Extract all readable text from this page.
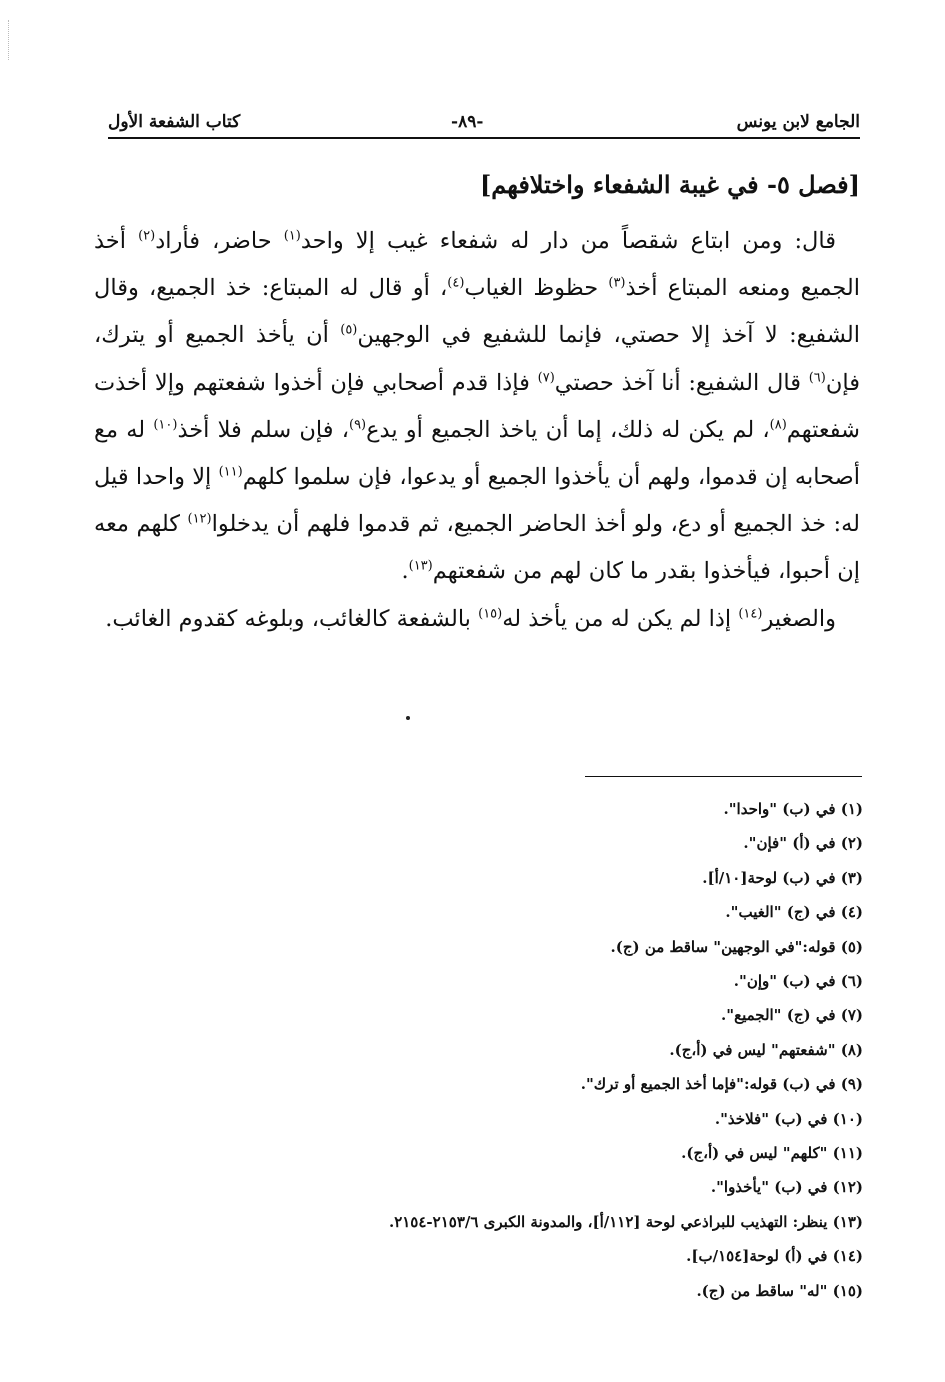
الجامع لابن يونس
-٨٩-
كتاب الشفعة الأول
[فصل ٥- في غيبة الشفعاء واختلافهم]

قال: ومن ابتاع شقصاً من دار له شفعاء غيب إلا واحد$^{(١)}$ حاضر، فأراد$^{(٢)}$ أخذ الجميع ومنعه المبتاع أخذ$^{(٣)}$ حظوظ الغياب$^{(٤)}$، أو قال له المبتاع: خذ الجميع، وقال الشفيع: لا آخذ إلا حصتي، فإنما للشفيع في الوجهين$^{(٥)}$ أن يأخذ الجميع أو يترك، فإن$^{(٦)}$ قال الشفيع: أنا آخذ حصتي$^{(٧)}$ فإذا قدم أصحابي فإن أخذوا شفعتهم وإلا أخذت شفعتهم$^{(٨)}$، لم يكن له ذلك، إما أن ياخذ الجميع أو يدع$^{(٩)}$، فإن سلم فلا أخذ$^{(١٠)}$ له مع أصحابه إن قدموا، ولهم أن يأخذوا الجميع أو يدعوا، فإن سلموا كلهم$^{(١١)}$ إلا واحدا قيل له: خذ الجميع أو دع، ولو أخذ الحاضر الجميع، ثم قدموا فلهم أن يدخلوا$^{(١٢)}$ كلهم معه إن أحبوا، فيأخذوا بقدر ما كان لهم من شفعتهم$^{(١٣)}$.

والصغير$^{(١٤)}$ إذا لم يكن له من يأخذ له$^{(١٥)}$ بالشفعة كالغائب، وبلوغه كقدوم الغائب.

(١) في (ب) "واحدا".
(٢) في (أ) "فإن".
(٣) في (ب) لوحة[١٠/أ].
(٤) في (ج) "الغيب".
(٥) قوله:"في الوجهين" ساقط من (ج).
(٦) في (ب) "وإن".
(٧) في (ج) "الجميع".
(٨) "شفعتهم" ليس في (أ،ج).
(٩) في (ب) قوله:"فإما أخذ الجميع أو ترك".
(١٠) في (ب) "فلاخذ".
(١١) "كلهم" ليس في (أ،ج).
(١٢) في (ب) "يأخذوا".
(١٣) ينظر: التهذيب للبراذعي لوحة [١١٢/أ]، والمدونة الكبرى ٢١٥٣/٦-٢١٥٤.
(١٤) في (أ) لوحة[١٥٤/ب].
(١٥) "له" ساقط من (ج).
